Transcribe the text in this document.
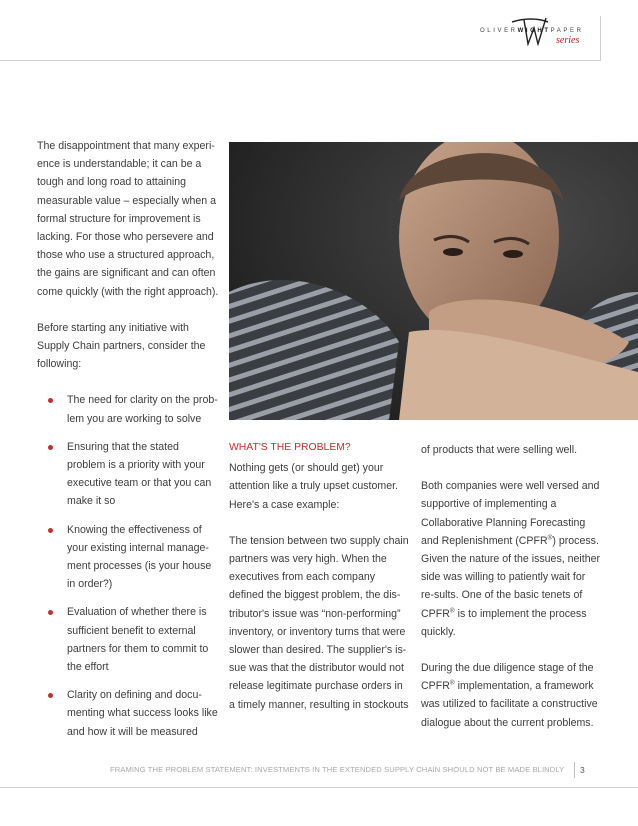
OLIVERWIGHTPAPER
series

The disappointment that many experi-ence is understandable; it can be a tough and long road to attaining measurable value – especially when a formal structure for improvement is lacking. For those who persevere and those who use a structured approach, the gains are significant and can often come quickly (with the right approach).

Before starting any initiative with Supply Chain partners, consider the following:

The need for clarity on the prob-lem you are working to solve
Ensuring that the stated problem is a priority with your executive team or that you can make it so
Knowing the effectiveness of your existing internal manage-ment processes (is your house in order?)
Evaluation of whether there is sufficient benefit to external partners for them to commit to the effort
Clarity on defining and docu-menting what success looks like and how it will be measured

WHAT'S THE PROBLEM?

Nothing gets (or should get) your attention like a truly upset customer. Here's a case example:

The tension between two supply chain partners was very high. When the executives from each company defined the biggest problem, the dis-tributor's issue was “non-performing” inventory, or inventory turns that were slower than desired. The supplier's is-sue was that the distributor would not release legitimate purchase orders in a timely manner, resulting in stockouts

of products that were selling well.

Both companies were well versed and supportive of implementing a Collaborative Planning Forecasting and Replenishment (CPFR®) process. Given the nature of the issues, neither side was willing to patiently wait for re-sults. One of the basic tenets of CPFR® is to implement the process quickly.

During the due diligence stage of the CPFR® implementation, a framework was utilized to facilitate a constructive dialogue about the current problems.

FRAMING THE PROBLEM STATEMENT: INVESTMENTS IN THE EXTENDED SUPPLY CHAIN SHOULD NOT BE MADE BLINDLY 3
